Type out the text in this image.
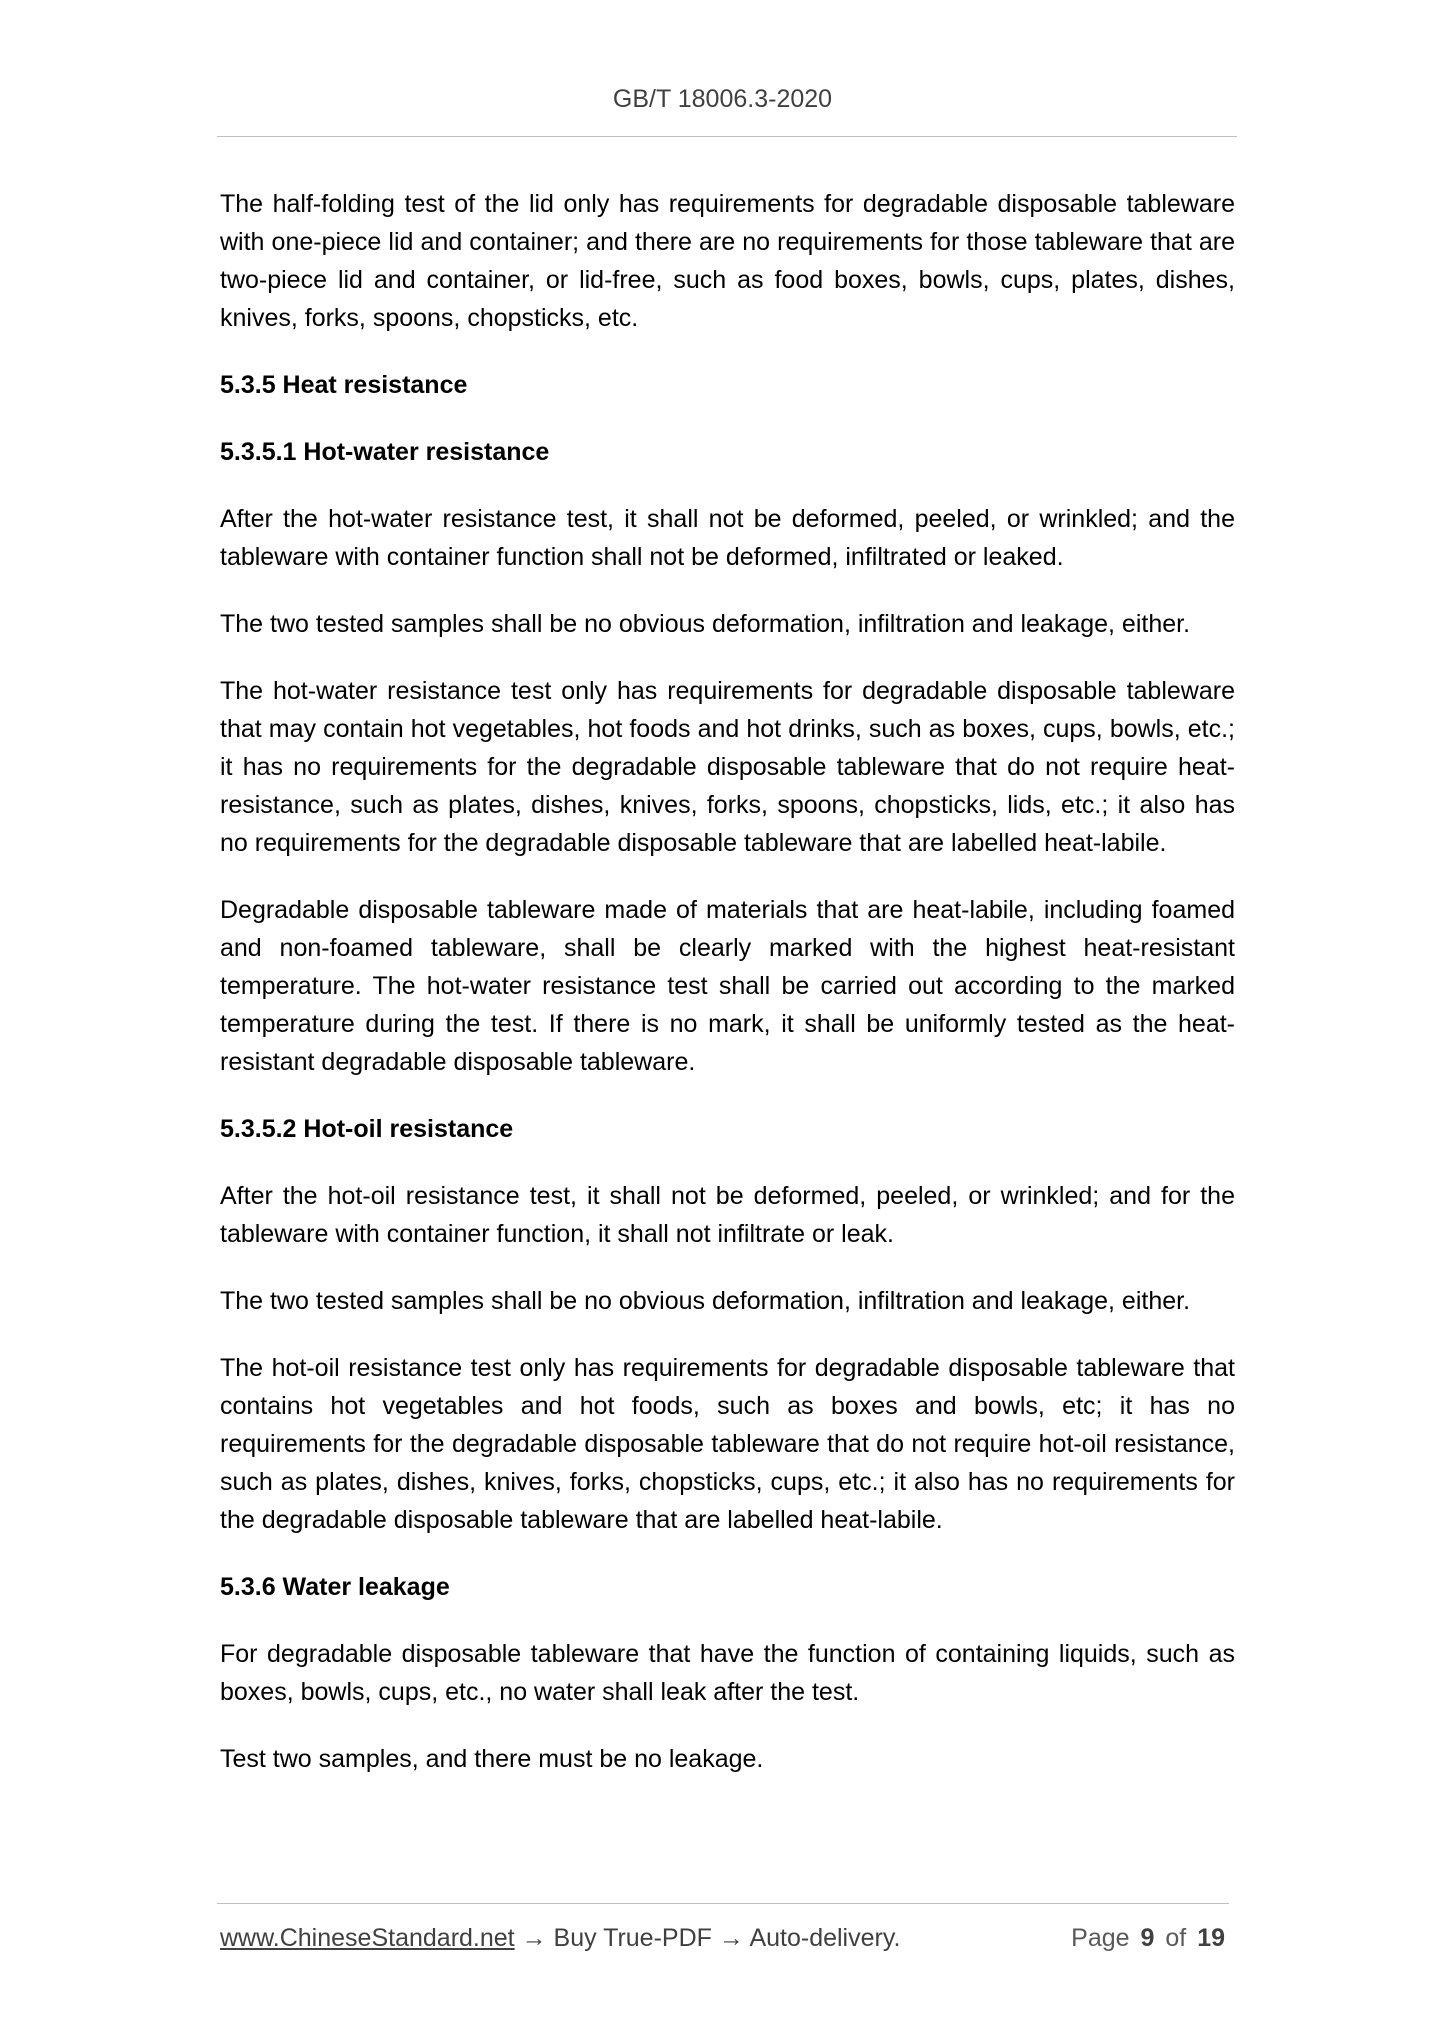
GB/T 18006.3-2020

The half-folding test of the lid only has requirements for degradable disposable tableware with one-piece lid and container; and there are no requirements for those tableware that are two-piece lid and container, or lid-free, such as food boxes, bowls, cups, plates, dishes, knives, forks, spoons, chopsticks, etc.

5.3.5 Heat resistance
5.3.5.1 Hot-water resistance

After the hot-water resistance test, it shall not be deformed, peeled, or wrinkled; and the tableware with container function shall not be deformed, infiltrated or leaked.

The two tested samples shall be no obvious deformation, infiltration and leakage, either.

The hot-water resistance test only has requirements for degradable disposable tableware that may contain hot vegetables, hot foods and hot drinks, such as boxes, cups, bowls, etc.; it has no requirements for the degradable disposable tableware that do not require heat-resistance, such as plates, dishes, knives, forks, spoons, chopsticks, lids, etc.; it also has no requirements for the degradable disposable tableware that are labelled heat-labile.

Degradable disposable tableware made of materials that are heat-labile, including foamed and non-foamed tableware, shall be clearly marked with the highest heat-resistant temperature. The hot-water resistance test shall be carried out according to the marked temperature during the test. If there is no mark, it shall be uniformly tested as the heat-resistant degradable disposable tableware.

5.3.5.2 Hot-oil resistance

After the hot-oil resistance test, it shall not be deformed, peeled, or wrinkled; and for the tableware with container function, it shall not infiltrate or leak.

The two tested samples shall be no obvious deformation, infiltration and leakage, either.

The hot-oil resistance test only has requirements for degradable disposable tableware that contains hot vegetables and hot foods, such as boxes and bowls, etc; it has no requirements for the degradable disposable tableware that do not require hot-oil resistance, such as plates, dishes, knives, forks, chopsticks, cups, etc.; it also has no requirements for the degradable disposable tableware that are labelled heat-labile.

5.3.6 Water leakage

For degradable disposable tableware that have the function of containing liquids, such as boxes, bowls, cups, etc., no water shall leak after the test.

Test two samples, and there must be no leakage.

www.ChineseStandard.net → Buy True-PDF → Auto-delivery.	Page 9 of 19
